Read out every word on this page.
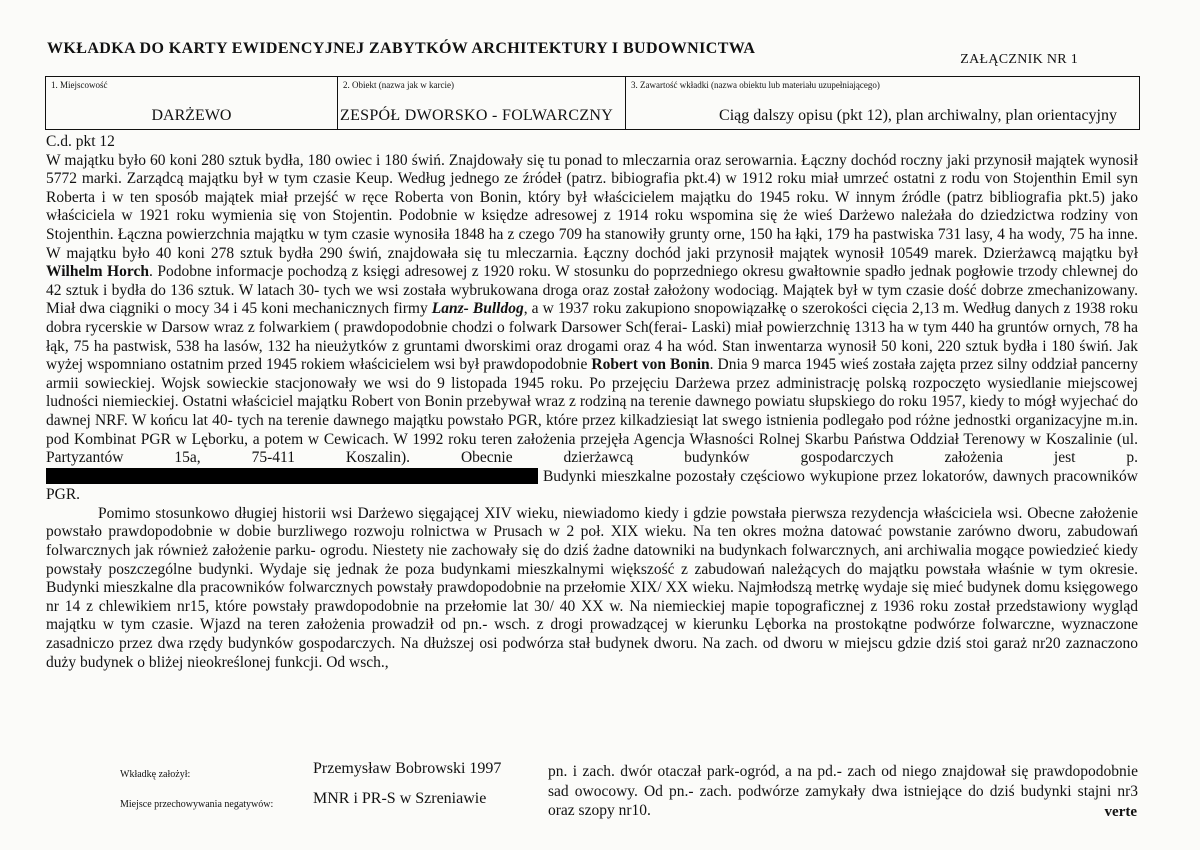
WKŁADKA DO KARTY EWIDENCYJNEJ ZABYTKÓW ARCHITEKTURY I BUDOWNICTWA
ZAŁĄCZNIK NR 1
1. Miejscowość
DARŻEWO
2. Obiekt (nazwa jak w karcie)
ZESPÓŁ DWORSKO - FOLWARCZNY
3. Zawartość wkładki (nazwa obiektu lub materiału uzupełniającego)
Ciąg dalszy opisu (pkt 12), plan archiwalny, plan orientacyjny

C.d. pkt 12

W majątku było 60 koni 280 sztuk bydła, 180 owiec i 180 świń. Znajdowały się tu ponad to mleczarnia oraz serowarnia. Łączny dochód roczny jaki przynosił majątek wynosił 5772 marki. Zarządcą majątku był w tym czasie Keup. Według jednego ze źródeł (patrz. bibiografia pkt.4) w 1912 roku miał umrzeć ostatni z rodu von Stojenthin Emil syn Roberta i w ten sposób majątek miał przejść w ręce Roberta von Bonin, który był właścicielem majątku do 1945 roku. W innym źródle (patrz bibliografia pkt.5) jako właściciela w 1921 roku wymienia się von Stojentin. Podobnie w księdze adresowej z 1914 roku wspomina się że wieś Darżewo należała do dziedzictwa rodziny von Stojenthin. Łączna powierzchnia majątku w tym czasie wynosiła 1848 ha z czego 709 ha stanowiły grunty orne, 150 ha łąki, 179 ha pastwiska 731 lasy, 4 ha wody, 75 ha inne. W majątku było 40 koni 278 sztuk bydła 290 świń, znajdowała się tu mleczarnia. Łączny dochód jaki przynosił majątek wynosił 10549 marek. Dzierżawcą majątku był Wilhelm Horch. Podobne informacje pochodzą z księgi adresowej z 1920 roku. W stosunku do poprzedniego okresu gwałtownie spadło jednak pogłowie trzody chlewnej do 42 sztuk i bydła do 136 sztuk. W latach 30- tych we wsi została wybrukowana droga oraz został założony wodociąg. Majątek był w tym czasie dość dobrze zmechanizowany. Miał dwa ciągniki o mocy 34 i 45 koni mechanicznych firmy Lanz- Bulldog, a w 1937 roku zakupiono snopowiązałkę o szerokości cięcia 2,13 m. Według danych z 1938 roku dobra rycerskie w Darsow wraz z folwarkiem ( prawdopodobnie chodzi o folwark Darsower Sch(ferai- Laski) miał powierzchnię 1313 ha w tym 440 ha gruntów ornych, 78 ha łąk, 75 ha pastwisk, 538 ha lasów, 132 ha nieużytków z gruntami dworskimi oraz drogami oraz 4 ha wód. Stan inwentarza wynosił 50 koni, 220 sztuk bydła i 180 świń. Jak wyżej wspomniano ostatnim przed 1945 rokiem właścicielem wsi był prawdopodobnie Robert von Bonin. Dnia 9 marca 1945 wieś została zajęta przez silny oddział pancerny armii sowieckiej. Wojsk sowieckie stacjonowały we wsi do 9 listopada 1945 roku. Po przejęciu Darżewa przez administrację polską rozpoczęto wysiedlanie miejscowej ludności niemieckiej. Ostatni właściciel majątku Robert von Bonin przebywał wraz z rodziną na terenie dawnego powiatu słupskiego do roku 1957, kiedy to mógł wyjechać do dawnej NRF. W końcu lat 40- tych na terenie dawnego majątku powstało PGR, które przez kilkadziesiąt lat swego istnienia podlegało pod różne jednostki organizacyjne m.in. pod Kombinat PGR w Lęborku, a potem w Cewicach. W 1992 roku teren założenia przejęła Agencja Własności Rolnej Skarbu Państwa Oddział Terenowy w Koszalinie (ul. Partyzantów 15a, 75-411 Koszalin). Obecnie dzierżawcą budynków gospodarczych założenia jest p.  Budynki mieszkalne pozostały częściowo wykupione przez lokatorów, dawnych pracowników PGR.

Pomimo stosunkowo długiej historii wsi Darżewo sięgającej XIV wieku, niewiadomo kiedy i gdzie powstała pierwsza rezydencja właściciela wsi. Obecne założenie powstało prawdopodobnie w dobie burzliwego rozwoju rolnictwa w Prusach w 2 poł. XIX wieku. Na ten okres można datować powstanie zarówno dworu, zabudowań folwarcznych jak również założenie parku- ogrodu. Niestety nie zachowały się do dziś żadne datowniki na budynkach folwarcznych, ani archiwalia mogące powiedzieć kiedy powstały poszczególne budynki. Wydaje się jednak że poza budynkami mieszkalnymi większość z zabudowań należących do majątku powstała właśnie w tym okresie. Budynki mieszkalne dla pracowników folwarcznych powstały prawdopodobnie na przełomie XIX/ XX wieku. Najmłodszą metrkę wydaje się mieć budynek domu księgowego nr 14 z chlewikiem nr15, które powstały prawdopodobnie na przełomie lat 30/ 40 XX w. Na niemieckiej mapie topograficznej z 1936 roku został przedstawiony wygląd majątku w tym czasie. Wjazd na teren założenia prowadził od pn.- wsch. z drogi prowadzącej w kierunku Lęborka na prostokątne podwórze folwarczne, wyznaczone zasadniczo przez dwa rzędy budynków gospodarczych. Na dłuższej osi podwórza stał budynek dworu. Na zach. od dworu w miejscu gdzie dziś stoi garaż nr20 zaznaczono duży budynek o bliżej nieokreślonej funkcji. Od wsch.,

Wkładkę założył:	Przemysław Bobrowski 1997
Miejsce przechowywania negatywów: MNR i PR-S w Szreniawie
pn. i zach. dwór otaczał park-ogród, a na pd.- zach od niego znajdował się prawdopodobnie sad owocowy. Od pn.- zach. podwórze zamykały dwa istniejące do dziś budynki stajni nr3 oraz szopy nr10.	verte
